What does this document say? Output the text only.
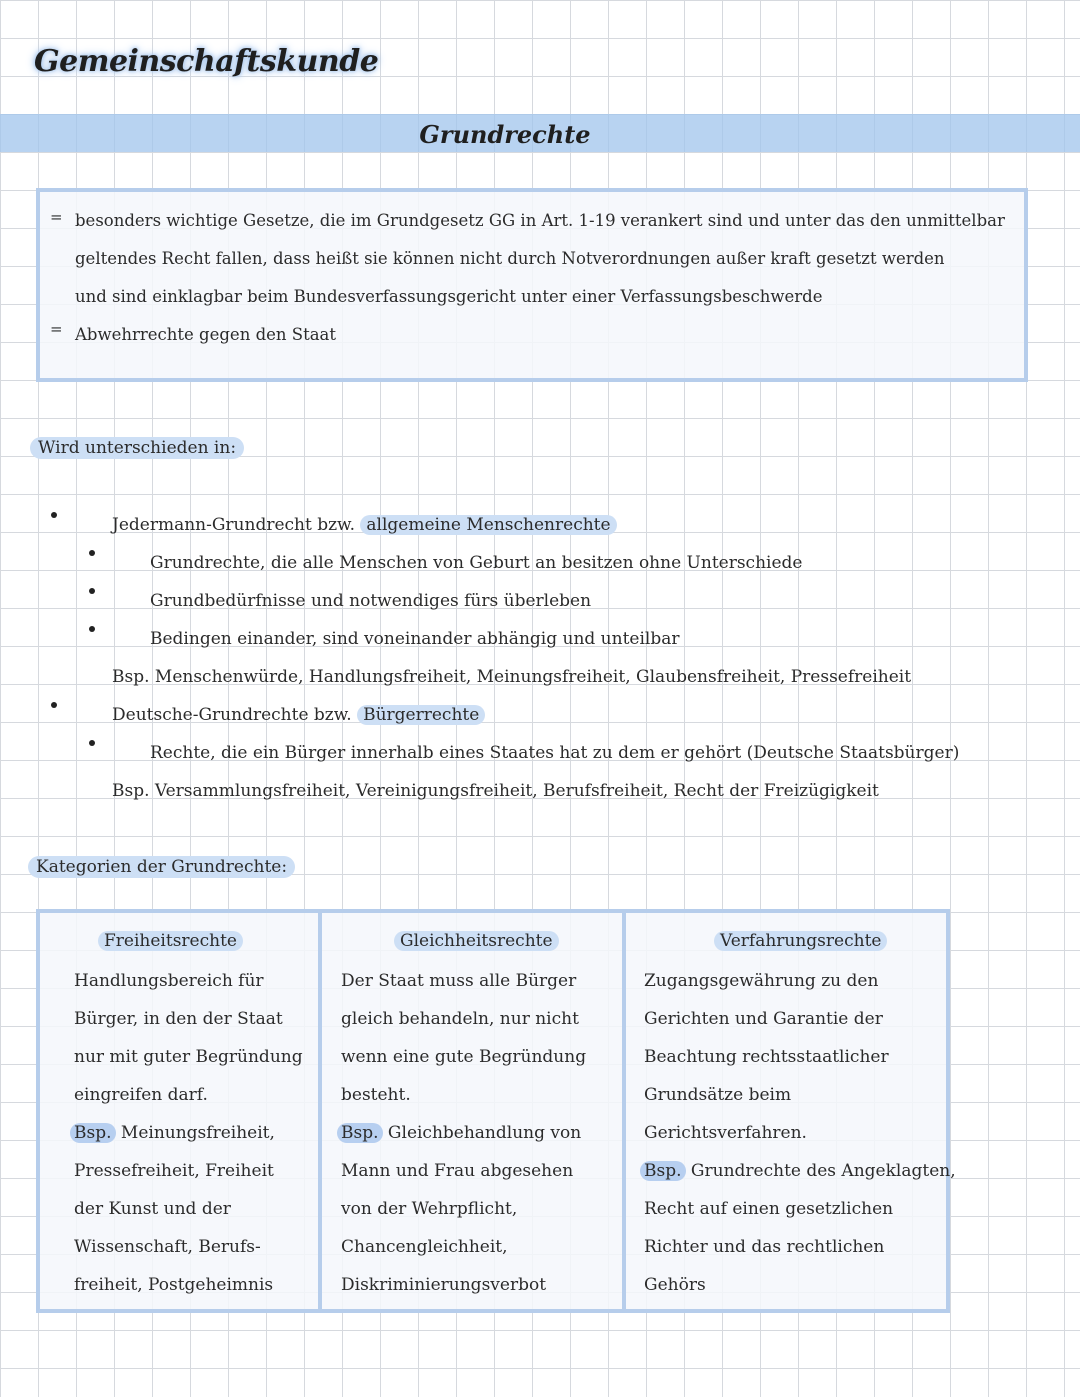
Gemeinschaftskunde
Grundrechte
= besonders wichtige Gesetze, die im Grundgesetz GG in Art. 1-19 verankert sind und unter das den unmittelbar
geltendes Recht fallen, dass heißt sie können nicht durch Notverordnungen außer kraft gesetzt werden
und sind einklagbar beim Bundesverfassungsgericht unter einer Verfassungsbeschwerde
= Abwehrrechte gegen den Staat
Wird unterschieden in:
Jedermann-Grundrecht bzw. allgemeine Menschenrechte
Grundrechte, die alle Menschen von Geburt an besitzen ohne Unterschiede
Grundbedürfnisse und notwendiges fürs überleben
Bedingen einander, sind voneinander abhängig und unteilbar
Bsp. Menschenwürde, Handlungsfreiheit, Meinungsfreiheit, Glaubensfreiheit, Pressefreiheit
Deutsche-Grundrechte bzw. Bürgerrechte
Rechte, die ein Bürger innerhalb eines Staates hat zu dem er gehört (Deutsche Staatsbürger)
Bsp. Versammlungsfreiheit, Vereinigungsfreiheit, Berufsfreiheit, Recht der Freizügigkeit
Kategorien der Grundrechte:
Freiheitsrechte
Handlungsbereich für
Bürger, in den der Staat
nur mit guter Begründung
eingreifen darf.
Bsp. Meinungsfreiheit,
Pressefreiheit, Freiheit
der Kunst und der
Wissenschaft, Berufs-
freiheit, Postgeheimnis
Gleichheitsrechte
Der Staat muss alle Bürger
gleich behandeln, nur nicht
wenn eine gute Begründung
besteht.
Bsp. Gleichbehandlung von
Mann und Frau abgesehen
von der Wehrpflicht,
Chancengleichheit,
Diskriminierungsverbot
Verfahrungsrechte
Zugangsgewährung zu den
Gerichten und Garantie der
Beachtung rechtsstaatlicher
Grundsätze beim
Gerichtsverfahren.
Bsp. Grundrechte des Angeklagten,
Recht auf einen gesetzlichen
Richter und das rechtlichen
Gehörs
